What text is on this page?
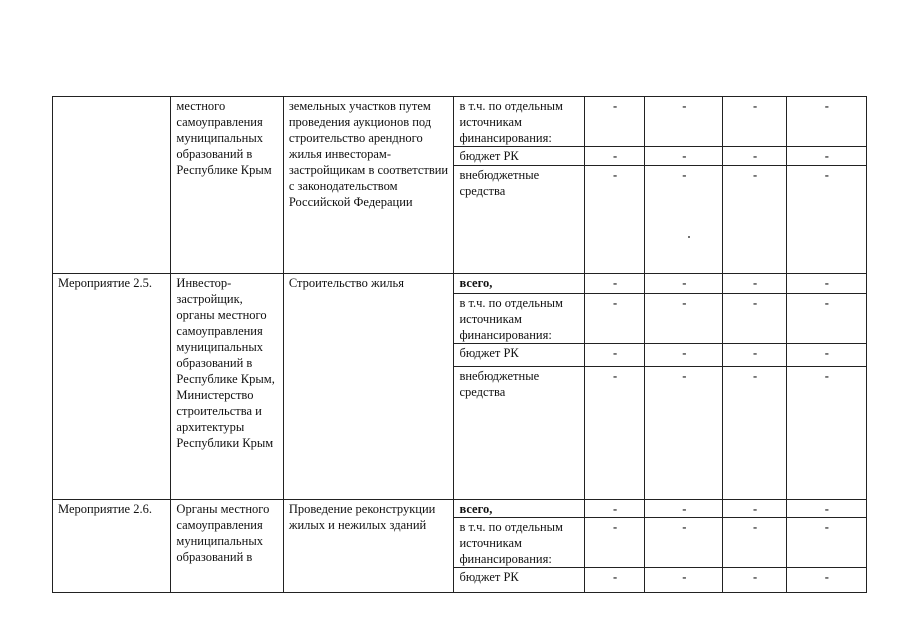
	местного самоуправления муниципальных образований в Республике Крым	земельных участков путем проведения аукционов под строительство арендного жилья инвесторам-застройщикам в соответствии с законодательством Российской Федерации	в т.ч. по отдельным источникам финансирования:	-	-	-	-
			бюджет РК	-	-	-	-
			внебюджетные средства	-	-	-	-
Мероприятие 2.5.	Инвестор-застройщик, органы местного самоуправления муниципальных образований в Республике Крым, Министерство строительства и архитектуры Республики Крым	Строительство жилья	всего,	-	-	-	-
			в т.ч. по отдельным источникам финансирования:	-	-	-	-
			бюджет РК	-	-	-	-
			внебюджетные средства	-	-	-	-
Мероприятие 2.6.	Органы местного самоуправления муниципальных образований в	Проведение реконструкции жилых и нежилых зданий	всего,	-	-	-	-
			в т.ч. по отдельным источникам финансирования:	-	-	-	-
			бюджет РК	-	-	-	-
